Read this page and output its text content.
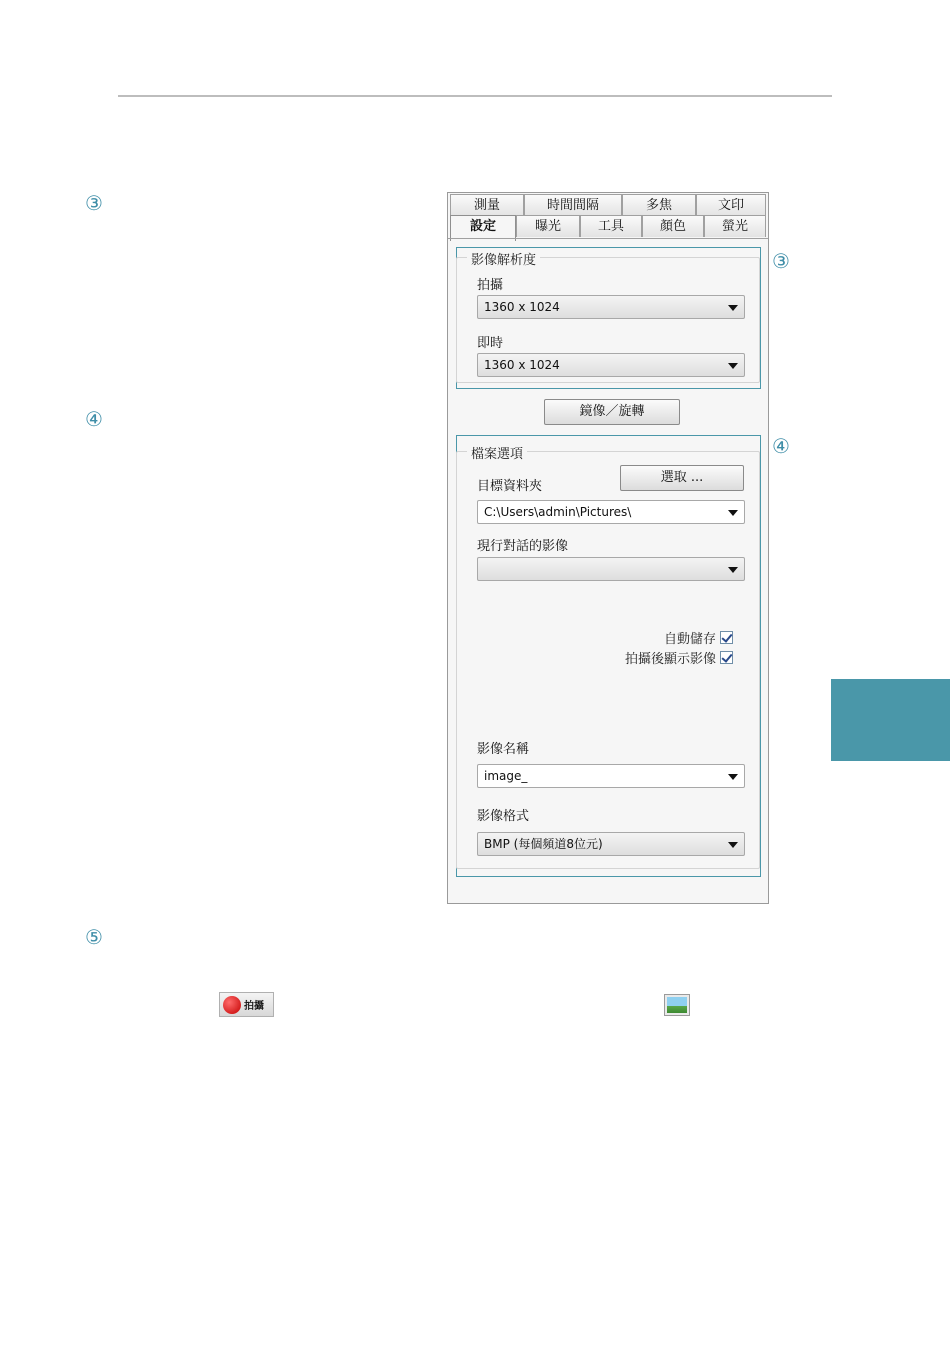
③
④
⑤
③
④
測量	時間間隔	多焦	文印
設定	曝光	工具	顏色	螢光
影像解析度
拍攝
1360 x 1024
即時
1360 x 1024
鏡像／旋轉
檔案選項
目標資料夾
選取 ...
C:\Users\admin\Pictures\
現行對話的影像
自動儲存
拍攝後顯示影像
影像名稱
image_
影像格式
BMP (每個頻道8位元)
拍攝
